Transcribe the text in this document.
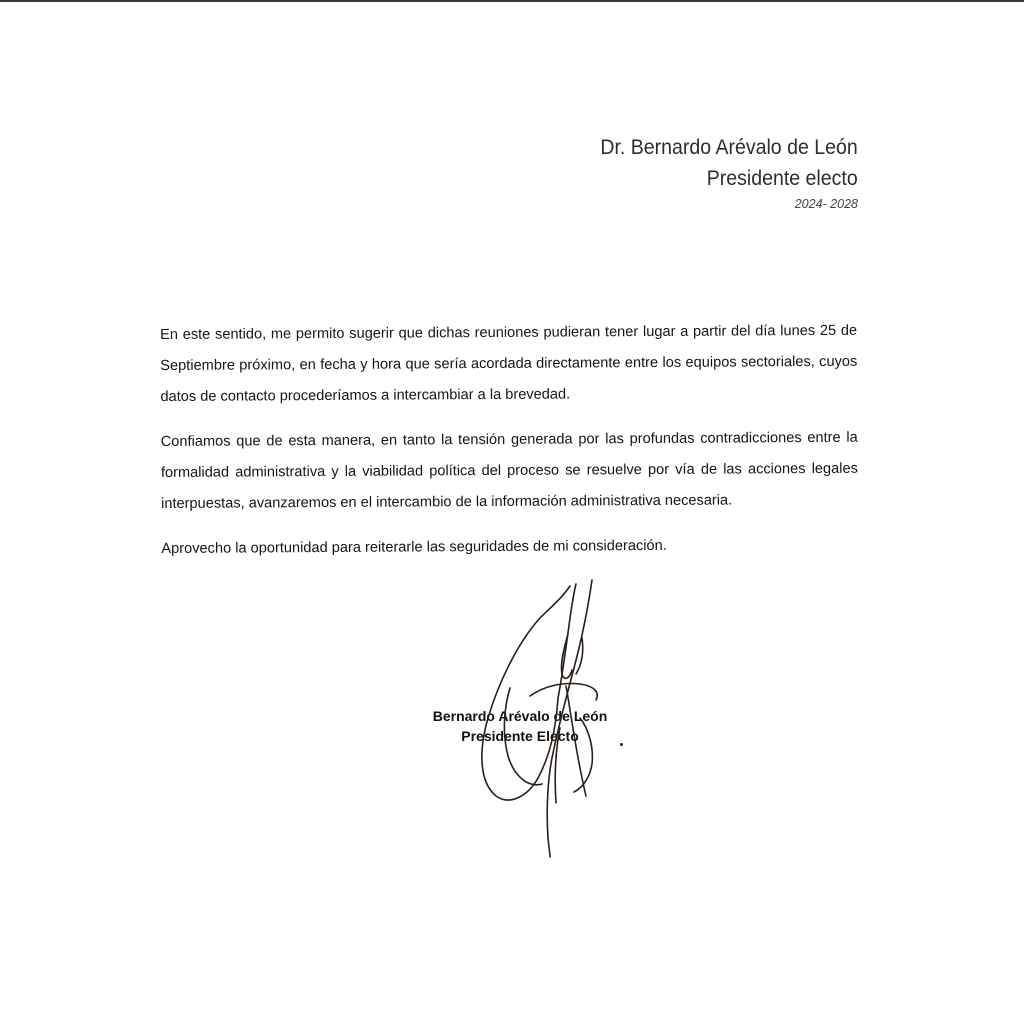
Dr. Bernardo Arévalo de León
Presidente electo
2024- 2028

En este sentido, me permito sugerir que dichas reuniones pudieran tener lugar a partir del día lunes 25 de Septiembre próximo, en fecha y hora que sería acordada directamente entre los equipos sectoriales, cuyos datos de contacto procederíamos a intercambiar a la brevedad.

Confiamos que de esta manera, en tanto la tensión generada por las profundas contradicciones entre la formalidad administrativa y la viabilidad política del proceso se resuelve por vía de las acciones legales interpuestas, avanzaremos en el intercambio de la información administrativa necesaria.

Aprovecho la oportunidad para reiterarle las seguridades de mi consideración.

Bernardo Arévalo de León
Presidente Electo
